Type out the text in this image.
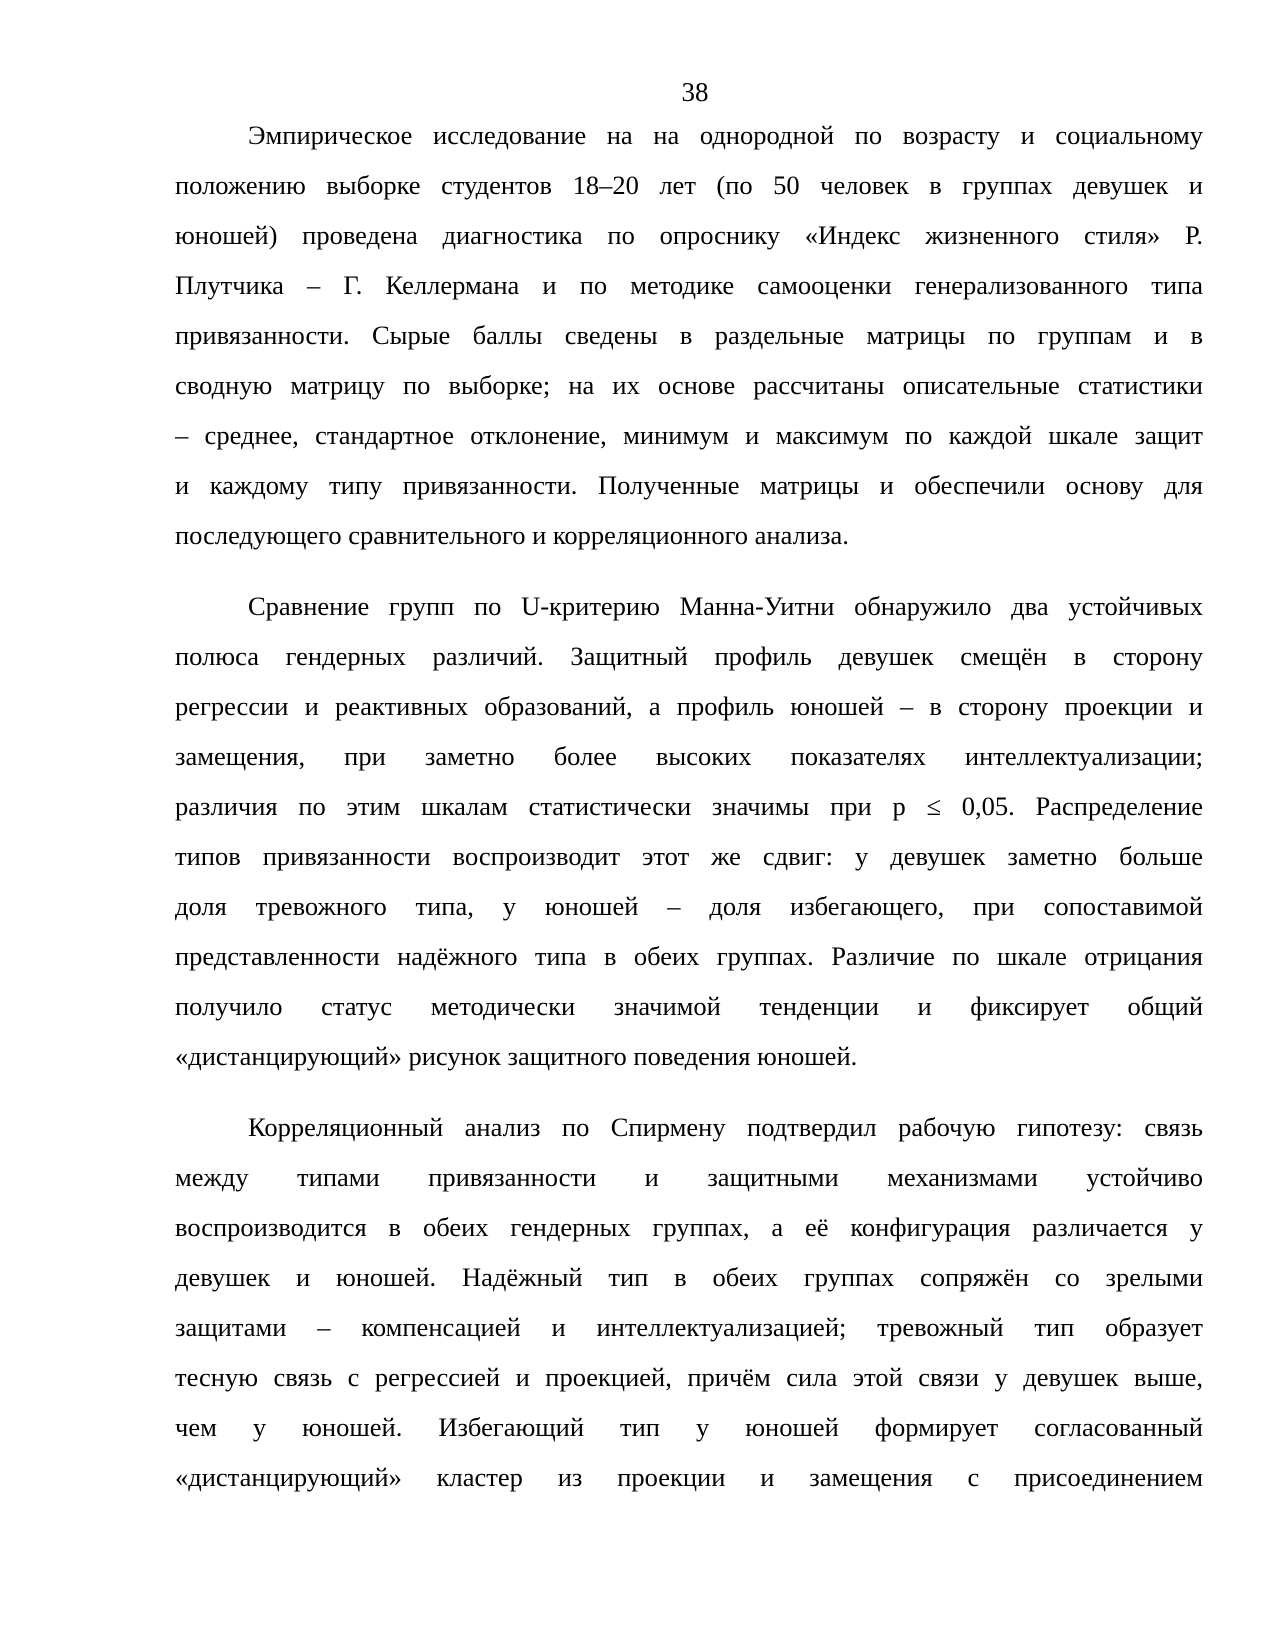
38
Эмпирическое исследование на на однородной по возрасту и социальному
положению выборке студентов 18–20 лет (по 50 человек в группах девушек и
юношей) проведена диагностика по опроснику «Индекс жизненного стиля» Р.
Плутчика – Г. Келлермана и по методике самооценки генерализованного типа
привязанности. Сырые баллы сведены в раздельные матрицы по группам и в
сводную матрицу по выборке; на их основе рассчитаны описательные статистики
– среднее, стандартное отклонение, минимум и максимум по каждой шкале защит
и каждому типу привязанности. Полученные матрицы и обеспечили основу для
последующего сравнительного и корреляционного анализа.
Сравнение групп по U-критерию Манна-Уитни обнаружило два устойчивых
полюса гендерных различий. Защитный профиль девушек смещён в сторону
регрессии и реактивных образований, а профиль юношей – в сторону проекции и
замещения, при заметно более высоких показателях интеллектуализации;
различия по этим шкалам статистически значимы при p ≤ 0,05. Распределение
типов привязанности воспроизводит этот же сдвиг: у девушек заметно больше
доля тревожного типа, у юношей – доля избегающего, при сопоставимой
представленности надёжного типа в обеих группах. Различие по шкале отрицания
получило статус методически значимой тенденции и фиксирует общий
«дистанцирующий» рисунок защитного поведения юношей.
Корреляционный анализ по Спирмену подтвердил рабочую гипотезу: связь
между типами привязанности и защитными механизмами устойчиво
воспроизводится в обеих гендерных группах, а её конфигурация различается у
девушек и юношей. Надёжный тип в обеих группах сопряжён со зрелыми
защитами – компенсацией и интеллектуализацией; тревожный тип образует
тесную связь с регрессией и проекцией, причём сила этой связи у девушек выше,
чем у юношей. Избегающий тип у юношей формирует согласованный
«дистанцирующий» кластер из проекции и замещения с присоединением
